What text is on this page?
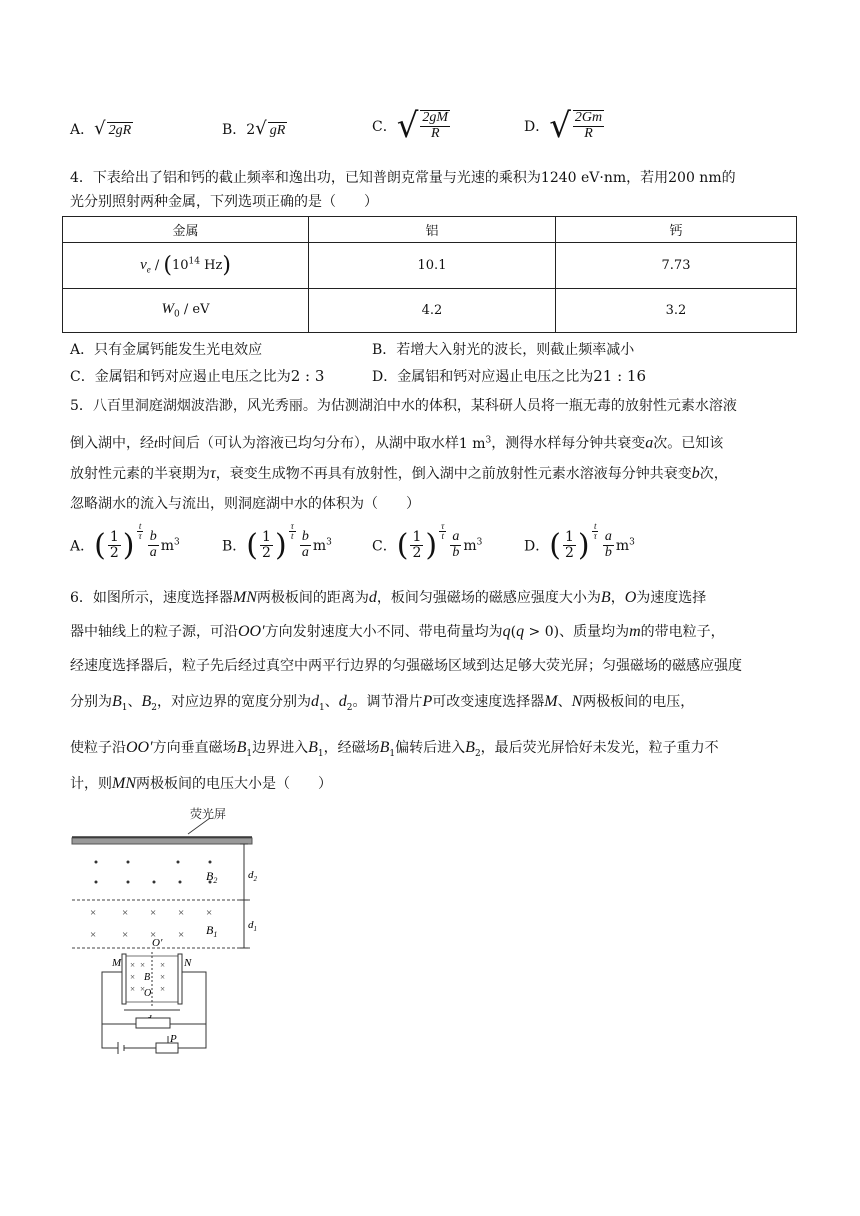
A．√ 2gR	B．2√ gR	C．√ $\frac{2gM}{R}$	D．√ $\frac{2Gm}{R}$
4．下表给出了铝和钙的截止频率和逸出功，已知普朗克常量与光速的乘积为1240 eV·nm，若用200 nm的
光分别照射两种金属，下列选项正确的是（　　）
金属	铝	钙
$\nu_e / (10^{14}$ Hz)	10.1	7.73
$W_0$ / eV	4.2	3.2
A．只有金属钙能发生光电效应	B．若增大入射光的波长，则截止频率减小
C．金属铝和钙对应遏止电压之比为2 : 3	D．金属铝和钙对应遏止电压之比为21 : 16
5．八百里洞庭湖烟波浩渺，风光秀丽。为估测湖泊中水的体积，某科研人员将一瓶无毒的放射性元素水溶液
倒入湖中，经t时间后（可认为溶液已均匀分布），从湖中取水样1 $m^3$，测得水样每分钟共衰变a次。已知该
放射性元素的半衰期为τ，衰变生成物不再具有放射性，倒入湖中之前放射性元素水溶液每分钟共衰变b次，
忽略湖水的流入与流出，则洞庭湖中水的体积为（　　）
A．( $\frac{1}{2}$ ) $\frac{t}{\tau} \frac{b}{a} m^3$	B．( $\frac{1}{2}$ ) $\frac{\tau}{t} \frac{b}{a} m^3$	C．( $\frac{1}{2}$ ) $\frac{\tau}{t} \frac{a}{b} m^3$	D．( $\frac{1}{2}$ ) $\frac{t}{\tau} \frac{a}{b} m^3$
6．如图所示，速度选择器MN两极板间的距离为d，板间匀强磁场的磁感应强度大小为B，O为速度选择
器中轴线上的粒子源，可沿OO′方向发射速度大小不同、带电荷量均为q(q > 0)、质量均为m的带电粒子，
经速度选择器后，粒子先后经过真空中两平行边界的匀强磁场区域到达足够大荧光屏；匀强磁场的磁感应强度
分别为$B_1$、$B_2$，对应边界的宽度分别为$d_1$、$d_2$。调节滑片P可改变速度选择器M、N两极板间的电压，
使粒子沿OO′方向垂直磁场$B_1$边界进入$B_1$，经磁场$B_1$偏转后进入$B_2$，最后荧光屏恰好未发光，粒子重力不
计，则MN两极板间的电压大小是（　　）
荧光屏
$B_2$
× × × × ×
× × × × $B_1$
$d_2$
$d_1$
O′
× × ×
×	×
× × ×
B
O
M	N
P
